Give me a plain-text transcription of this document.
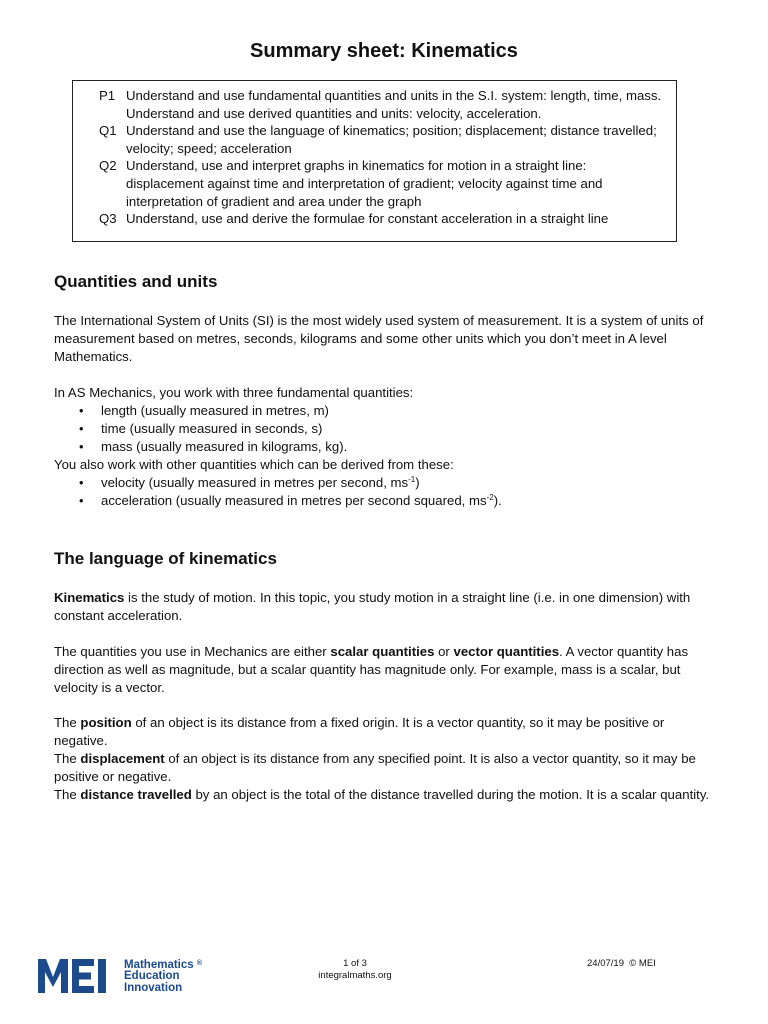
Summary sheet: Kinematics
P1 Understand and use fundamental quantities and units in the S.I. system: length, time, mass. Understand and use derived quantities and units: velocity, acceleration.
Q1 Understand and use the language of kinematics; position; displacement; distance travelled; velocity; speed; acceleration
Q2 Understand, use and interpret graphs in kinematics for motion in a straight line: displacement against time and interpretation of gradient; velocity against time and interpretation of gradient and area under the graph
Q3 Understand, use and derive the formulae for constant acceleration in a straight line
Quantities and units

The International System of Units (SI) is the most widely used system of measurement. It is a system of units of measurement based on metres, seconds, kilograms and some other units which you don’t meet in A level Mathematics.

In AS Mechanics, you work with three fundamental quantities:

• length (usually measured in metres, m)
• time (usually measured in seconds, s)
• mass (usually measured in kilograms, kg).

You also work with other quantities which can be derived from these:

• velocity (usually measured in metres per second, $ms^{-1}$)
• acceleration (usually measured in metres per second squared, $ms^{-2}$).
The language of kinematics

Kinematics is the study of motion. In this topic, you study motion in a straight line (i.e. in one dimension) with constant acceleration.

The quantities you use in Mechanics are either scalar quantities or vector quantities. A vector quantity has direction as well as magnitude, but a scalar quantity has magnitude only. For example, mass is a scalar, but velocity is a vector.

The position of an object is its distance from a fixed origin. It is a vector quantity, so it may be positive or negative.

The displacement of an object is its distance from any specified point. It is also a vector quantity, so it may be positive or negative.

The distance travelled by an object is the total of the distance travelled during the motion. It is a scalar quantity.

Mathematics ®
Education
Innovation
1 of 3
integralmaths.org
24/07/19 © MEI
